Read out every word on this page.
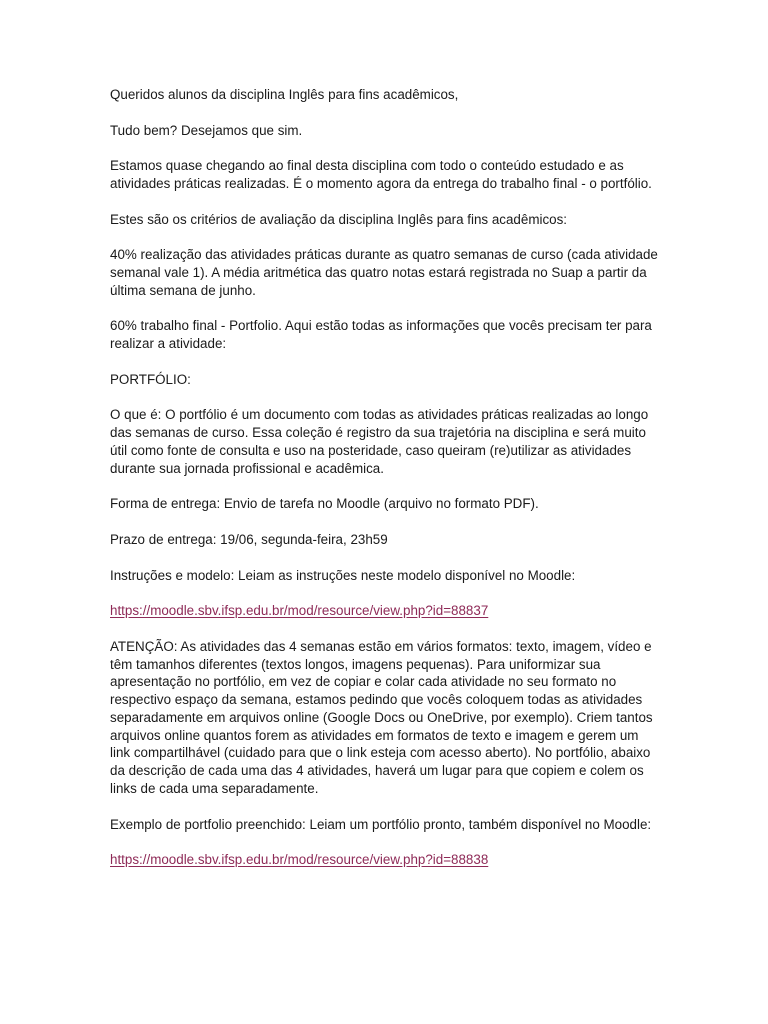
Queridos alunos da disciplina Inglês para fins acadêmicos,

Tudo bem? Desejamos que sim.

Estamos quase chegando ao final desta disciplina com todo o conteúdo estudado e as atividades práticas realizadas. É o momento agora da entrega do trabalho final - o portfólio.

Estes são os critérios de avaliação da disciplina Inglês para fins acadêmicos:

40% realização das atividades práticas durante as quatro semanas de curso (cada atividade semanal vale 1). A média aritmética das quatro notas estará registrada no Suap a partir da última semana de junho.

60% trabalho final - Portfolio. Aqui estão todas as informações que vocês precisam ter para realizar a atividade:

PORTFÓLIO:

O que é: O portfólio é um documento com todas as atividades práticas realizadas ao longo das semanas de curso. Essa coleção é registro da sua trajetória na disciplina e será muito útil como fonte de consulta e uso na posteridade, caso queiram (re)utilizar as atividades durante sua jornada profissional e acadêmica.

Forma de entrega: Envio de tarefa no Moodle (arquivo no formato PDF).

Prazo de entrega: 19/06, segunda-feira, 23h59

Instruções e modelo: Leiam as instruções neste modelo disponível no Moodle:

https://moodle.sbv.ifsp.edu.br/mod/resource/view.php?id=88837

ATENÇÃO: As atividades das 4 semanas estão em vários formatos: texto, imagem, vídeo e têm tamanhos diferentes (textos longos, imagens pequenas). Para uniformizar sua apresentação no portfólio, em vez de copiar e colar cada atividade no seu formato no respectivo espaço da semana, estamos pedindo que vocês coloquem todas as atividades separadamente em arquivos online (Google Docs ou OneDrive, por exemplo). Criem tantos arquivos online quantos forem as atividades em formatos de texto e imagem e gerem um link compartilhável (cuidado para que o link esteja com acesso aberto). No portfólio, abaixo da descrição de cada uma das 4 atividades, haverá um lugar para que copiem e colem os links de cada uma separadamente.

Exemplo de portfolio preenchido: Leiam um portfólio pronto, também disponível no Moodle:

https://moodle.sbv.ifsp.edu.br/mod/resource/view.php?id=88838
